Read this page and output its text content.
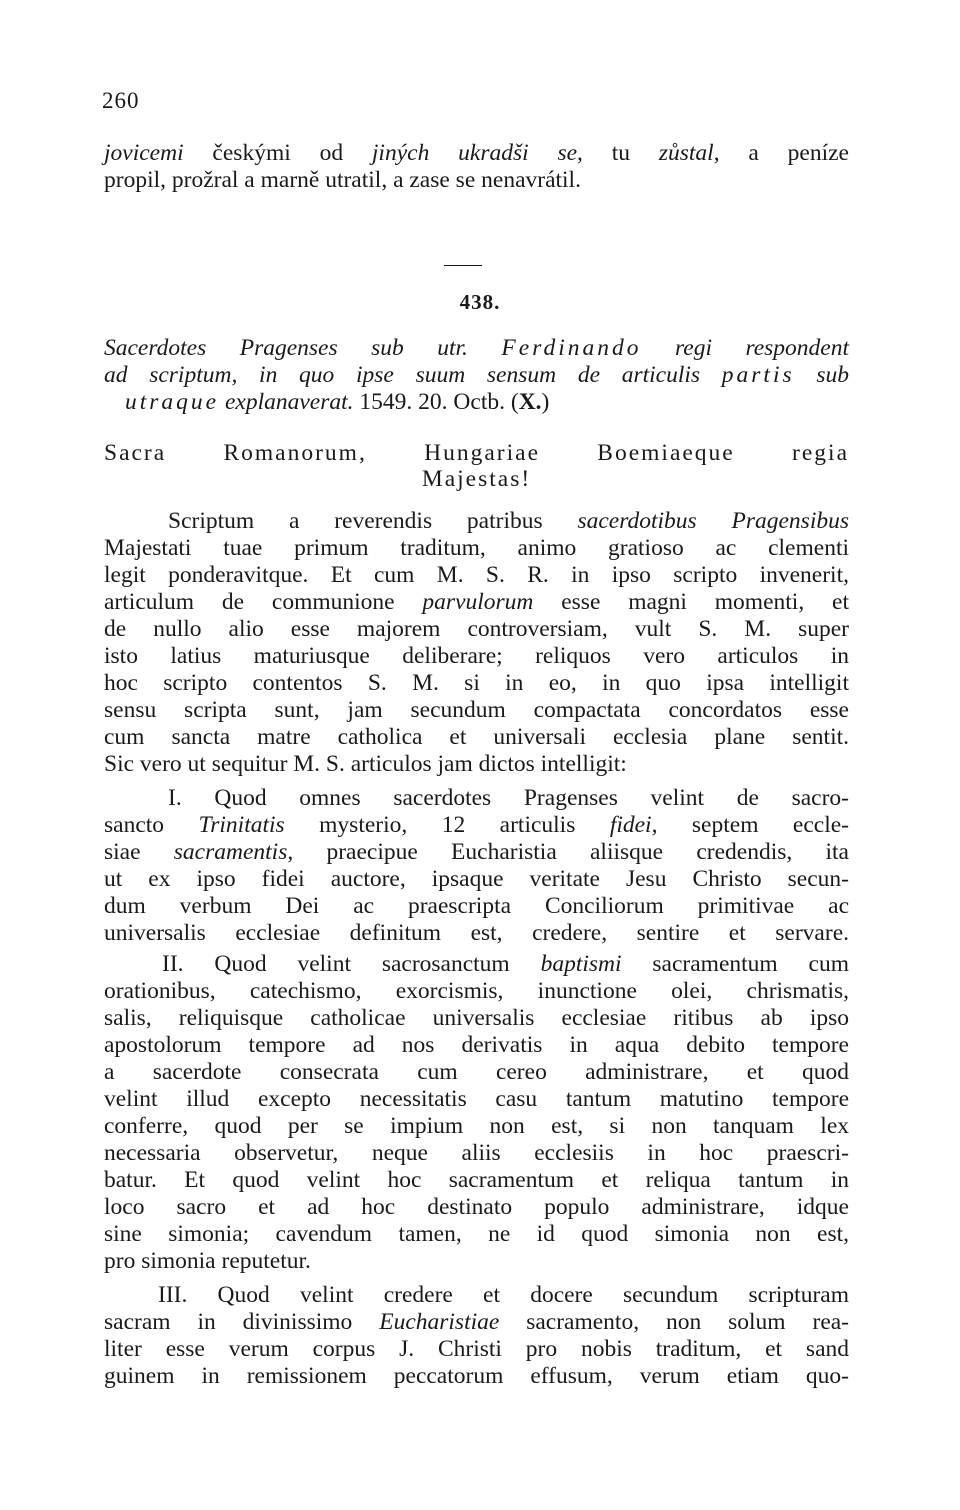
260
jovicemi českými od jiných ukradši se, tu zůstal, a peníze
propil, prožral a marně utratil, a zase se nenavrátil.
438.
Sacerdotes Pragenses sub utr. Ferdinando regi respondent
ad scriptum, in quo ipse suum sensum de articulis partis sub
utraque explanaverat. 1549. 20. Octb. (X.)
Sacra Romanorum, Hungariae Boemiaeque regia
Majestas!
Scriptum a reverendis patribus sacerdotibus Pragensibus
Majestati tuae primum traditum, animo gratioso ac clementi
legit ponderavitque. Et cum M. S. R. in ipso scripto invenerit,
articulum de communione parvulorum esse magni momenti, et
de nullo alio esse majorem controversiam, vult S. M. super
isto latius maturiusque deliberare; reliquos vero articulos in
hoc scripto contentos S. M. si in eo, in quo ipsa intelligit
sensu scripta sunt, jam secundum compactata concordatos esse
cum sancta matre catholica et universali ecclesia plane sentit.
Sic vero ut sequitur M. S. articulos jam dictos intelligit:
I. Quod omnes sacerdotes Pragenses velint de sacro-
sancto Trinitatis mysterio, 12 articulis fidei, septem eccle-
siae sacramentis, praecipue Eucharistia aliisque credendis, ita
ut ex ipso fidei auctore, ipsaque veritate Jesu Christo secun-
dum verbum Dei ac praescripta Conciliorum primitivae ac
universalis ecclesiae definitum est, credere, sentire et servare.
II. Quod velint sacrosanctum baptismi sacramentum cum
orationibus, catechismo, exorcismis, inunctione olei, chrismatis,
salis, reliquisque catholicae universalis ecclesiae ritibus ab ipso
apostolorum tempore ad nos derivatis in aqua debito tempore
a sacerdote consecrata cum cereo administrare, et quod
velint illud excepto necessitatis casu tantum matutino tempore
conferre, quod per se impium non est, si non tanquam lex
necessaria observetur, neque aliis ecclesiis in hoc praescri-
batur. Et quod velint hoc sacramentum et reliqua tantum in
loco sacro et ad hoc destinato populo administrare, idque
sine simonia; cavendum tamen, ne id quod simonia non est,
pro simonia reputetur.
III. Quod velint credere et docere secundum scripturam
sacram in divinissimo Eucharistiae sacramento, non solum rea-
liter esse verum corpus J. Christi pro nobis traditum, et sand
guinem in remissionem peccatorum effusum, verum etiam quo-
